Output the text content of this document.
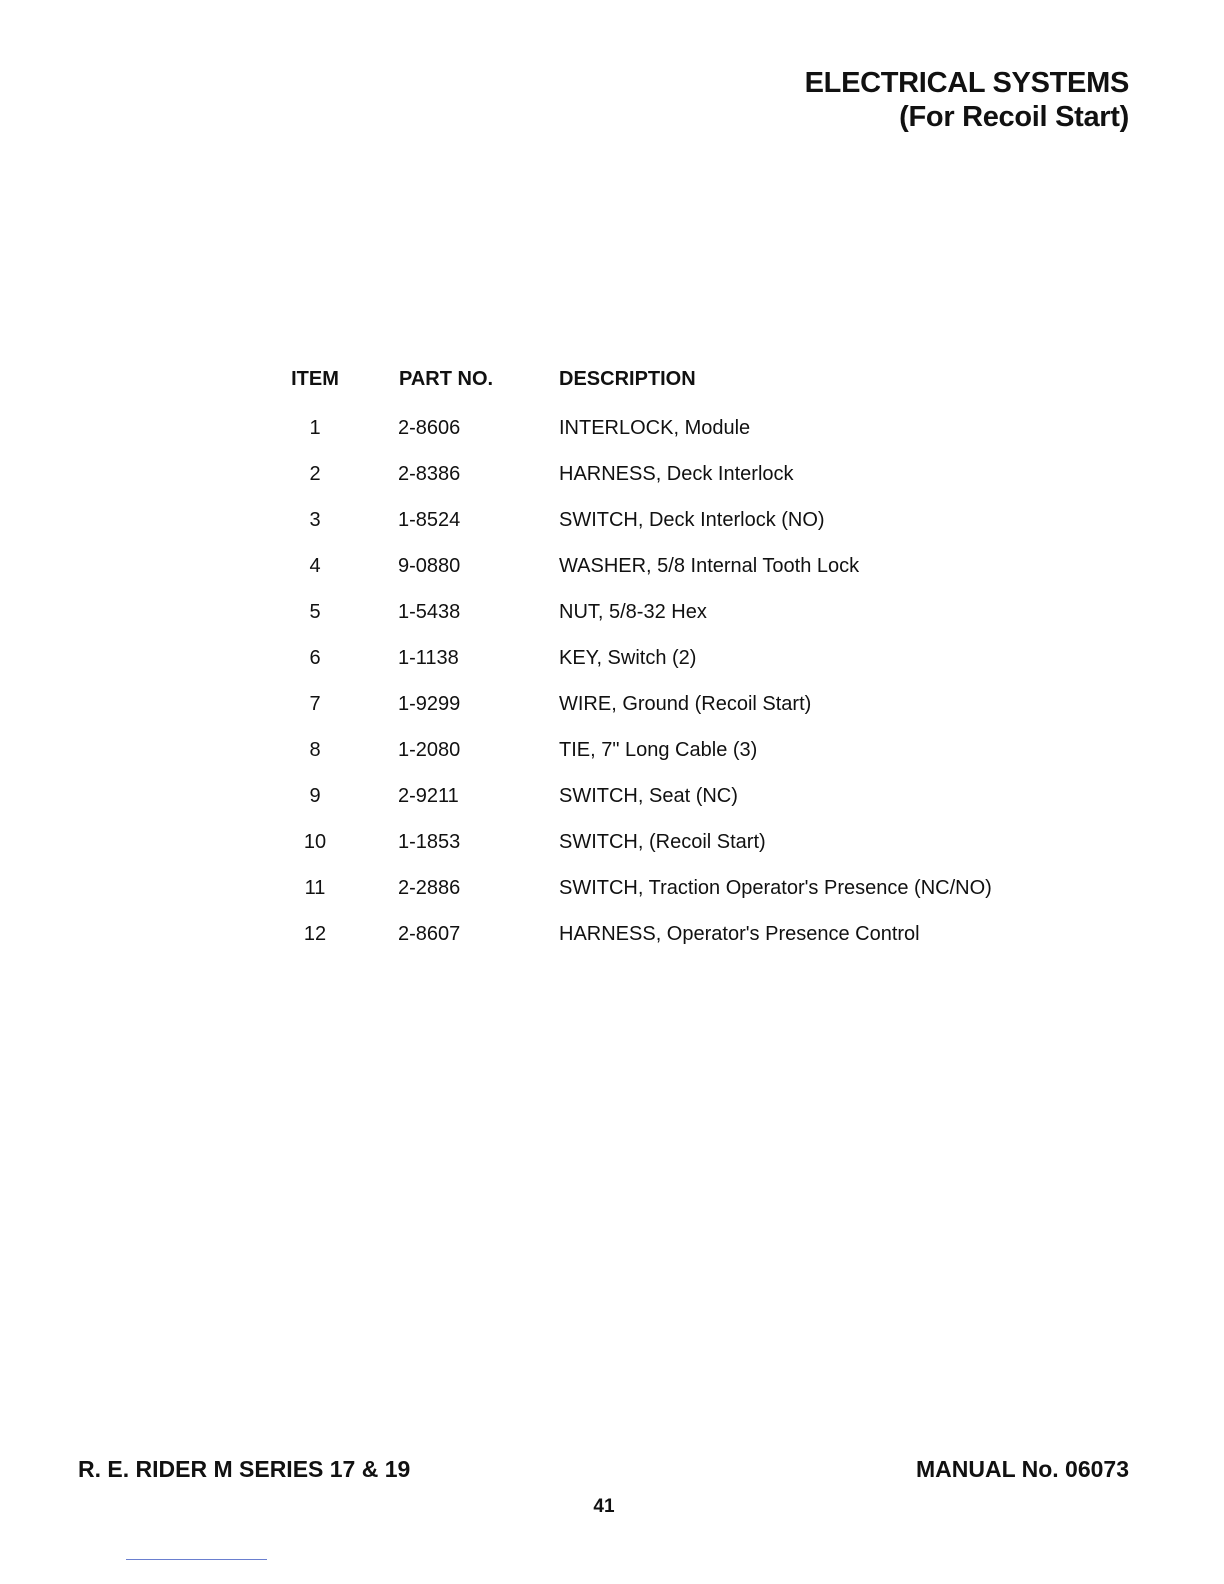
ELECTRICAL SYSTEMS
(For Recoil Start)
ITEM	PART NO.	DESCRIPTION
1	2-8606	INTERLOCK, Module
2	2-8386	HARNESS, Deck Interlock
3	1-8524	SWITCH, Deck Interlock (NO)
4	9-0880	WASHER, 5/8 Internal Tooth Lock
5	1-5438	NUT, 5/8-32 Hex
6	1-1138	KEY, Switch (2)
7	1-9299	WIRE, Ground (Recoil Start)
8	1-2080	TIE, 7" Long Cable (3)
9	2-9211	SWITCH, Seat (NC)
10	1-1853	SWITCH, (Recoil Start)
11	2-2886	SWITCH, Traction Operator's Presence (NC/NO)
12	2-8607	HARNESS, Operator's Presence Control
R. E. RIDER M SERIES 17 & 19	MANUAL No. 06073
41
